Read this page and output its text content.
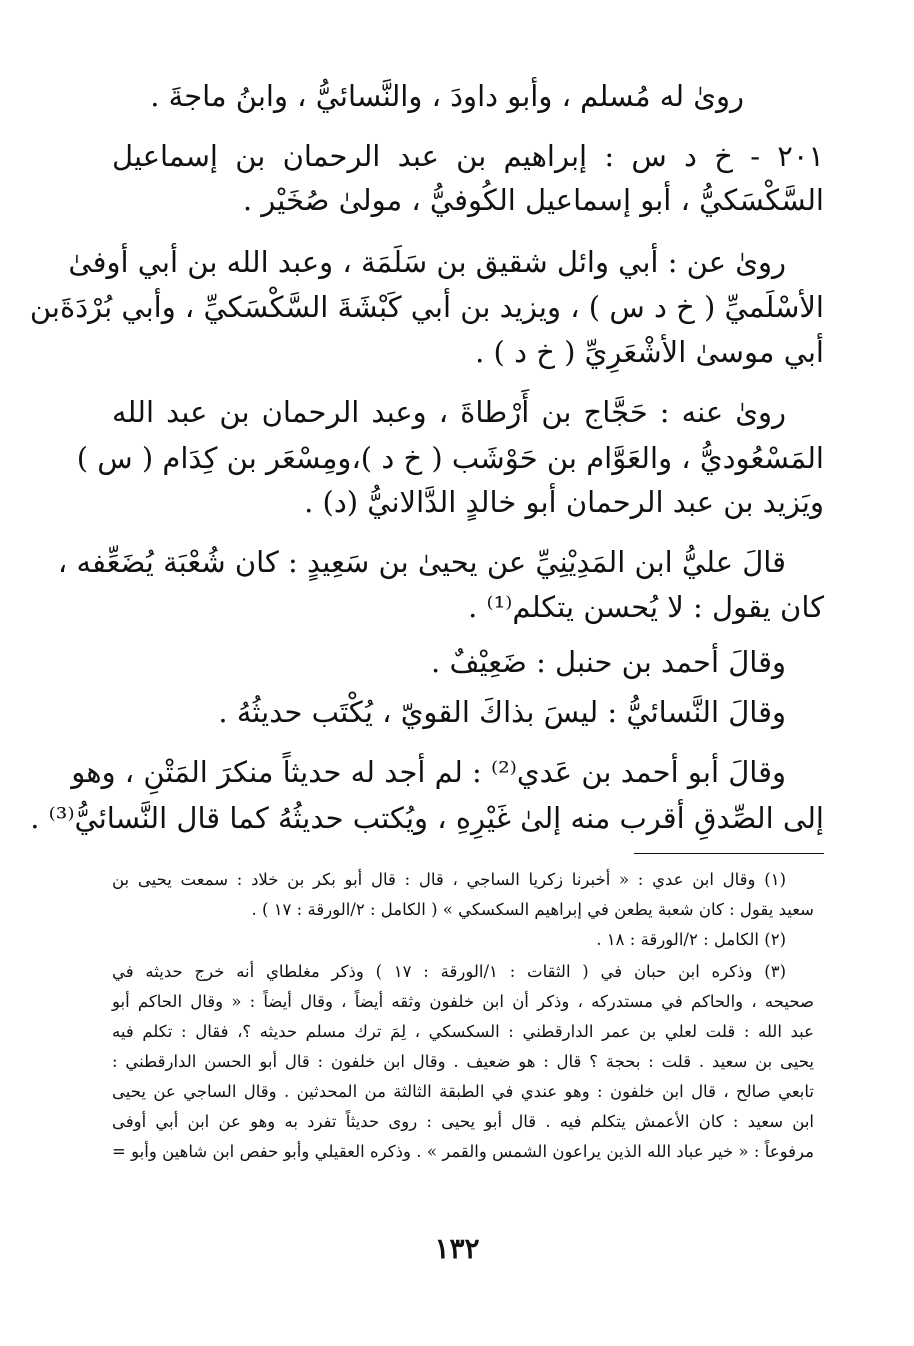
روىٰ له مُسلم ، وأبو داودَ ، والنَّسائيُّ ، وابنُ ماجةَ .
٢٠١ - خ د س : إبراهيم بن عبد الرحمان بن إسماعيل
السَّكْسَكيُّ ، أبو إسماعيل الكُوفيُّ ، مولىٰ صُخَيْر .
روىٰ عن : أبي وائل شقيق بن سَلَمَة ، وعبد الله بن أبي أوفىٰ
الأسْلَميِّ ( خ د س ) ، ويزيد بن أبي كَبْشَةَ السَّكْسَكيِّ ، وأبي بُرْدَةَبن
أبي موسىٰ الأشْعَرِيِّ ( خ د ) .
روىٰ عنه : حَجَّاج بن أَرْطاةَ ، وعبد الرحمان بن عبد الله
المَسْعُوديُّ ، والعَوَّام بن حَوْشَب ( خ د )،ومِسْعَر بن كِدَام ( س )
ويَزيد بن عبد الرحمان أبو خالدٍ الدَّالانيُّ (د) .
قالَ عليُّ ابن المَدِيْنِيِّ عن يحيىٰ بن سَعِيدٍ : كان شُعْبَة يُضَعِّفه ،
كان يقول : لا يُحسن يتكلم⁽¹⁾ .
وقالَ أحمد بن حنبل : ضَعِيْفٌ .
وقالَ النَّسائيُّ : ليسَ بذاكَ القويّ ، يُكْتَب حديثُهُ .
وقالَ أبو أحمد بن عَدي⁽²⁾ : لم أجد له حديثاً منكرَ المَتْنِ ، وهو
إلى الصِّدقِ أقرب منه إلىٰ غَيْرِهِ ، ويُكتب حديثُهُ كما قال النَّسائيُّ⁽³⁾ .
(١) وقال ابن عدي : « أخبرنا زكريا الساجي ، قال : قال أبو بكر بن خلاد : سمعت يحيى بن
سعيد يقول : كان شعبة يطعن في إبراهيم السكسكي » ( الكامل : ٢/الورقة : ١٧ ) .
(٢) الكامل : ٢/الورقة : ١٨ .
(٣) وذكره ابن حبان في ( الثقات : ١/الورقة : ١٧ ) وذكر مغلطاي أنه خرج حديثه في
صحيحه ، والحاكم في مستدركه ، وذكر أن ابن خلفون وثقه أيضاً ، وقال أيضاً : « وقال الحاكم أبو
عبد الله : قلت لعلي بن عمر الدارقطني : السكسكي ، لِمَ ترك مسلم حديثه ؟، فقال : تكلم فيه
يحيى بن سعيد . قلت : بحجة ؟ قال : هو ضعيف . وقال ابن خلفون : قال أبو الحسن الدارقطني :
تابعي صالح ، قال ابن خلفون : وهو عندي في الطبقة الثالثة من المحدثين . وقال الساجي عن يحيى
ابن سعيد : كان الأعمش يتكلم فيه . قال أبو يحيى : روى حديثاً تفرد به وهو عن ابن أبي أوفى
مرفوعاً : « خير عباد الله الذين يراعون الشمس والقمر » . وذكره العقيلي وأبو حفص ابن شاهين وأبو =
١٣٢
